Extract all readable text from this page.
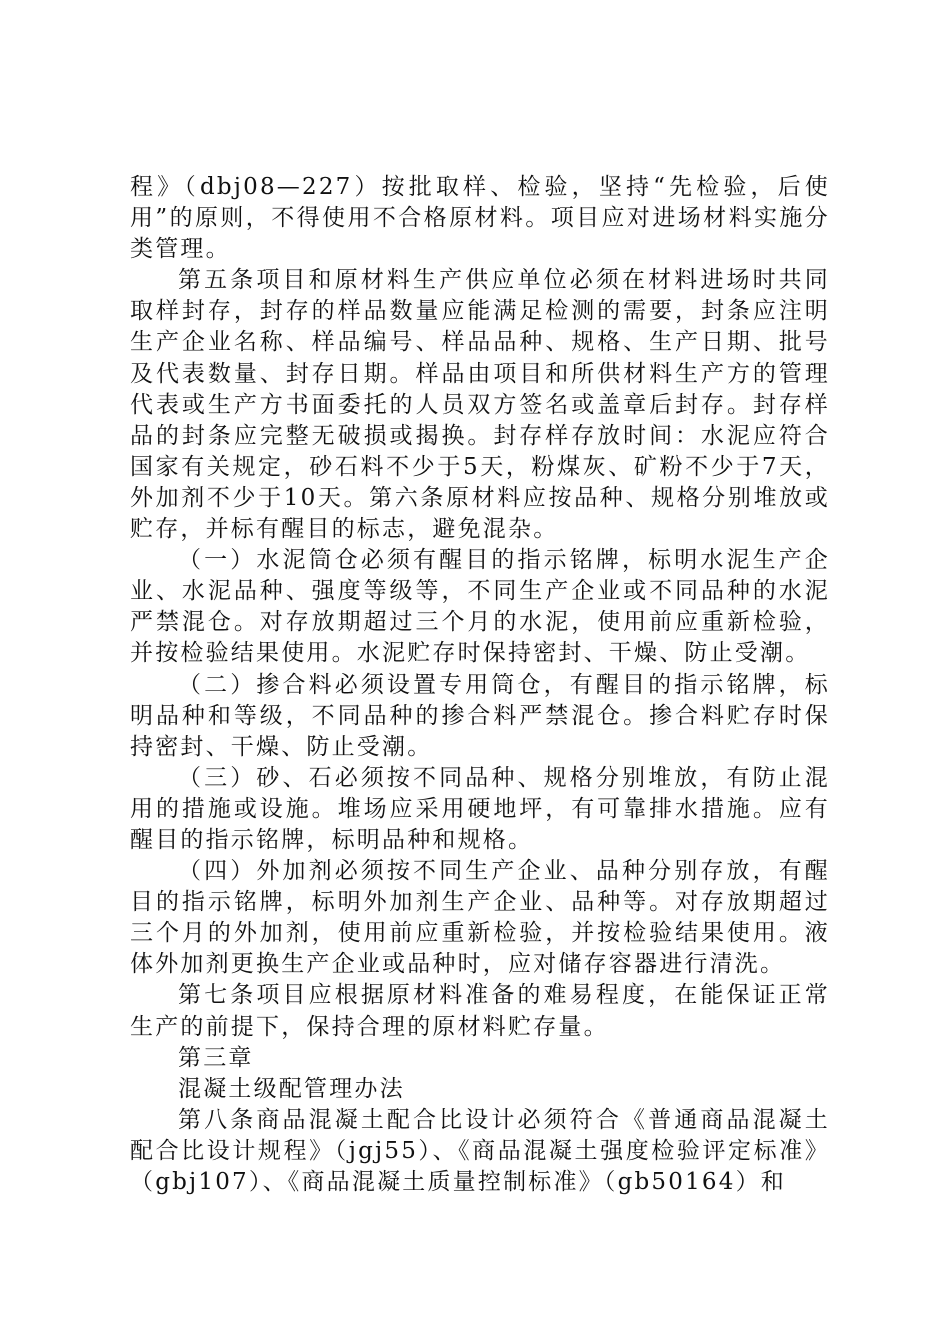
程》（dbj08—227）按批取样、检验，坚持“先检验，后使用”的原则，不得使用不合格原材料。项目应对进场材料实施分类管理。

第五条项目和原材料生产供应单位必须在材料进场时共同取样封存，封存的样品数量应能满足检测的需要，封条应注明生产企业名称、样品编号、样品品种、规格、生产日期、批号及代表数量、封存日期。样品由项目和所供材料生产方的管理代表或生产方书面委托的人员双方签名或盖章后封存。封存样品的封条应完整无破损或揭换。封存样存放时间：水泥应符合国家有关规定，砂石料不少于5天，粉煤灰、矿粉不少于7天，外加剂不少于10天。第六条原材料应按品种、规格分别堆放或贮存，并标有醒目的标志，避免混杂。

（一）水泥筒仓必须有醒目的指示铭牌，标明水泥生产企业、水泥品种、强度等级等，不同生产企业或不同品种的水泥严禁混仓。对存放期超过三个月的水泥，使用前应重新检验，并按检验结果使用。水泥贮存时保持密封、干燥、防止受潮。

（二）掺合料必须设置专用筒仓，有醒目的指示铭牌，标明品种和等级，不同品种的掺合料严禁混仓。掺合料贮存时保持密封、干燥、防止受潮。

（三）砂、石必须按不同品种、规格分别堆放，有防止混用的措施或设施。堆场应采用硬地坪，有可靠排水措施。应有醒目的指示铭牌，标明品种和规格。

（四）外加剂必须按不同生产企业、品种分别存放，有醒目的指示铭牌，标明外加剂生产企业、品种等。对存放期超过三个月的外加剂，使用前应重新检验，并按检验结果使用。液体外加剂更换生产企业或品种时，应对储存容器进行清洗。

第七条项目应根据原材料准备的难易程度，在能保证正常生产的前提下，保持合理的原材料贮存量。

第三章

混凝土级配管理办法

第八条商品混凝土配合比设计必须符合《普通商品混凝土配合比设计规程》（jgj55）、《商品混凝土强度检验评定标准》（gbj107）、《商品混凝土质量控制标准》（gb50164）和
